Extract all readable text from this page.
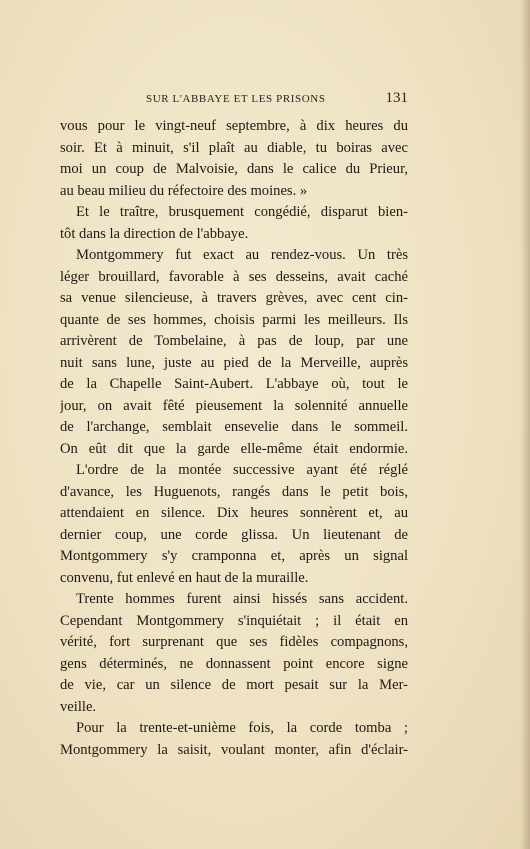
SUR L'ABBAYE ET LES PRISONS	131
vous pour le vingt-neuf septembre, à dix heures du
soir. Et à minuit, s'il plaît au diable, tu boiras avec
moi un coup de Malvoisie, dans le calice du Prieur,
au beau milieu du réfectoire des moines. »
Et le traître, brusquement congédié, disparut bien-
tôt dans la direction de l'abbaye.
Montgommery fut exact au rendez-vous. Un très
léger brouillard, favorable à ses desseins, avait caché
sa venue silencieuse, à travers grèves, avec cent cin-
quante de ses hommes, choisis parmi les meilleurs. Ils
arrivèrent de Tombelaine, à pas de loup, par une
nuit sans lune, juste au pied de la Merveille, auprès
de la Chapelle Saint-Aubert. L'abbaye où, tout le
jour, on avait fêté pieusement la solennité annuelle
de l'archange, semblait ensevelie dans le sommeil.
On eût dit que la garde elle-même était endormie.
L'ordre de la montée successive ayant été réglé
d'avance, les Huguenots, rangés dans le petit bois,
attendaient en silence. Dix heures sonnèrent et, au
dernier coup, une corde glissa. Un lieutenant de
Montgommery s'y cramponna et, après un signal
convenu, fut enlevé en haut de la muraille.
Trente hommes furent ainsi hissés sans accident.
Cependant Montgommery s'inquiétait ; il était en
vérité, fort surprenant que ses fidèles compagnons,
gens déterminés, ne donnassent point encore signe
de vie, car un silence de mort pesait sur la Mer-
veille.
Pour la trente-et-unième fois, la corde tomba ;
Montgommery la saisit, voulant monter, afin d'éclair-
